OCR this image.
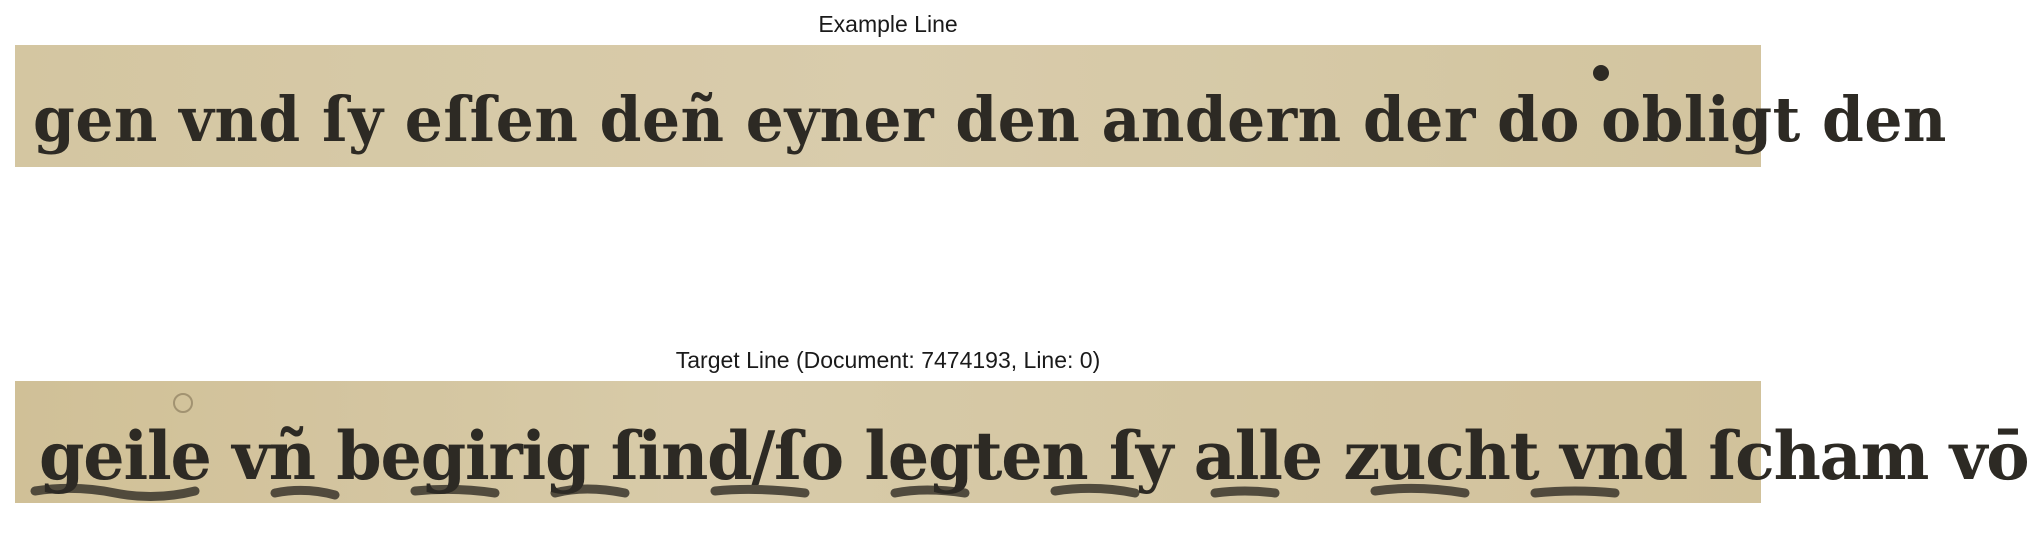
Example Line
gen vnd ſy eſſen deñ eyner den andern der do obligt den
Target Line (Document: 7474193, Line: 0)
geile vñ begirig ſind/ſo legten ſy alle zucht vnd ſcham vō
